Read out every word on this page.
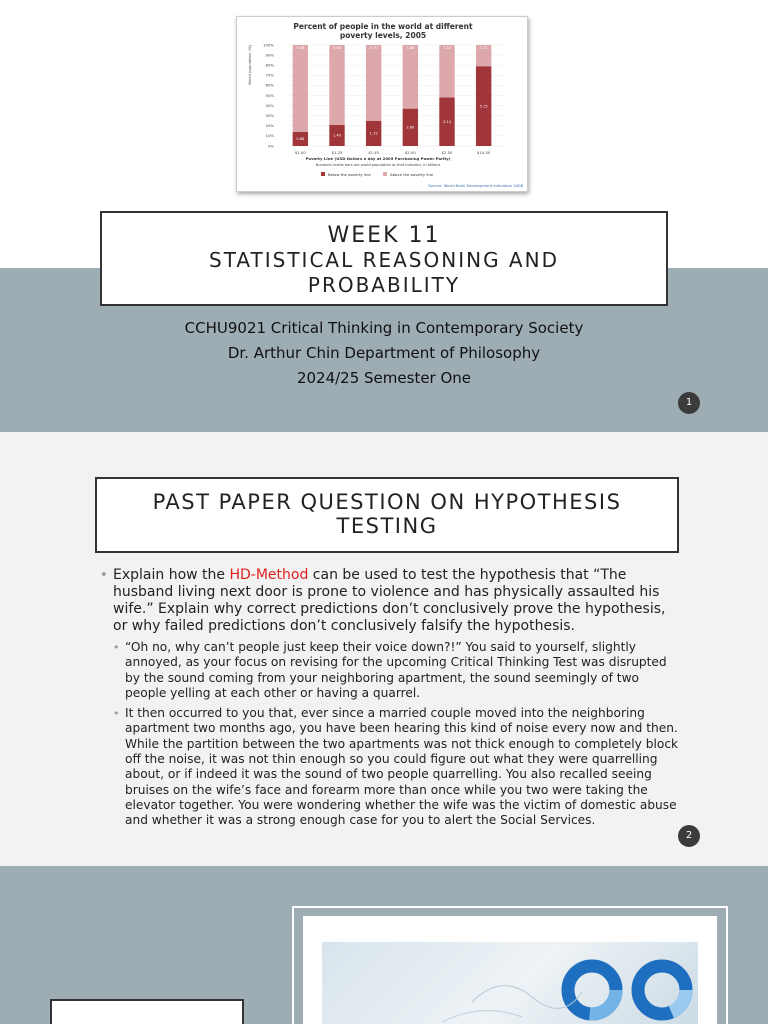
Percent of people in the world at different
poverty levels, 2005
World population (%)
0%
10%
20%
30%
40%
50%
60%
70%
80%
90%
100%
$1.00	$1.25	$1.45	$2.00	$2.50	$10.00
0.88
5.58
1.40
5.86
1.72
4.70
2.60
3.86
3.14
3.32
5.15
1.72
Poverty Line (USD Dollars a day at 2005 Purchasing Power Parity)
Numbers inside bars are world population at that indicator, in billions
Below the poverty line	Above the poverty line
Source: World Bank Development Indicators 2008
WEEK 11
STATISTICAL REASONING AND
PROBABILITY
CCHU9021 Critical Thinking in Contemporary Society
Dr. Arthur Chin Department of Philosophy
2024/25 Semester One
1
PAST PAPER QUESTION ON HYPOTHESIS
TESTING
• Explain how the HD-Method can be used to test the hypothesis that “The husband living next door is prone to violence and has physically assaulted his wife.” Explain why correct predictions don’t conclusively prove the hypothesis, or why failed predictions don’t conclusively falsify the hypothesis.
• “Oh no, why can’t people just keep their voice down?!” You said to yourself, slightly annoyed, as your focus on revising for the upcoming Critical Thinking Test was disrupted by the sound coming from your neighboring apartment, the sound seemingly of two people yelling at each other or having a quarrel.
• It then occurred to you that, ever since a married couple moved into the neighboring apartment two months ago, you have been hearing this kind of noise every now and then. While the partition between the two apartments was not thick enough to completely block off the noise, it was not thin enough so you could figure out what they were quarrelling about, or if indeed it was the sound of two people quarrelling. You also recalled seeing bruises on the wife’s face and forearm more than once while you two were taking the elevator together. You were wondering whether the wife was the victim of domestic abuse and whether it was a strong enough case for you to alert the Social Services.
2
